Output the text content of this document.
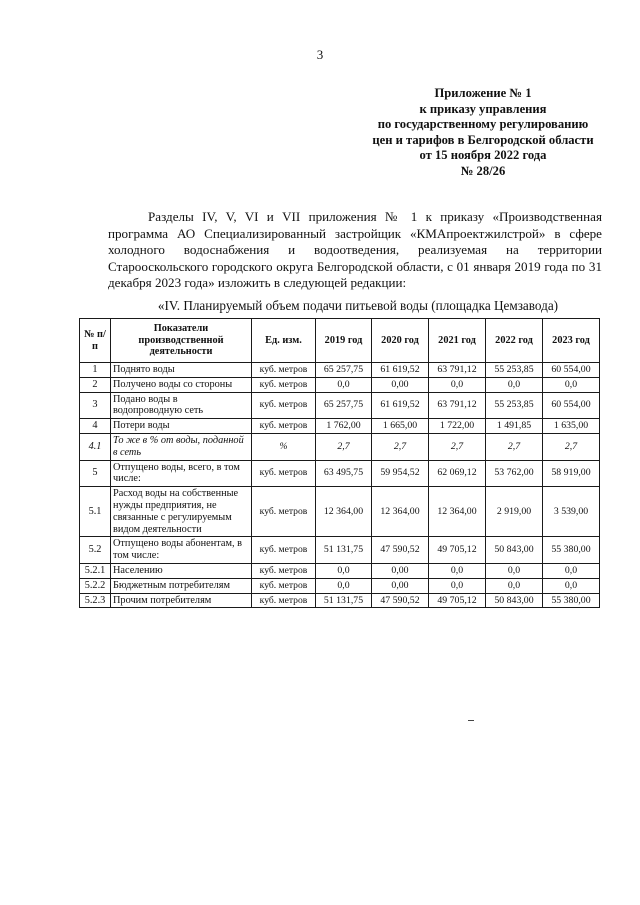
3
Приложение № 1
к приказу управления
по государственному регулированию
цен и тарифов в Белгородской области
от 15 ноября 2022 года
№ 28/26

Разделы IV, V, VI и VII приложения № 1 к приказу «Производственная программа АО Специализированный застройщик «КМАпроектжилстрой» в сфере холодного водоснабжения и водоотведения, реализуемая на территории Старооскольского городского округа Белгородской области, с 01 января 2019 года по 31 декабря 2023 года» изложить в следующей редакции:

«IV. Планируемый объем подачи питьевой воды (площадка Цемзавода)
№ п/п	Показатели производственной деятельности	Ед. изм.	2019 год	2020 год	2021 год	2022 год	2023 год
1	Поднято воды	куб. метров	65 257,75	61 619,52	63 791,12	55 253,85	60 554,00
2	Получено воды со стороны	куб. метров	0,0	0,00	0,0	0,0	0,0
3	Подано воды в водопроводную сеть	куб. метров	65 257,75	61 619,52	63 791,12	55 253,85	60 554,00
4	Потери воды	куб. метров	1 762,00	1 665,00	1 722,00	1 491,85	1 635,00
4.1	То же в % от воды, поданной в сеть	%	2,7	2,7	2,7	2,7	2,7
5	Отпущено воды, всего, в том числе:	куб. метров	63 495,75	59 954,52	62 069,12	53 762,00	58 919,00
5.1	Расход воды на собственные нужды предприятия, не связанные с регулируемым видом деятельности	куб. метров	12 364,00	12 364,00	12 364,00	2 919,00	3 539,00
5.2	Отпущено воды абонентам, в том числе:	куб. метров	51 131,75	47 590,52	49 705,12	50 843,00	55 380,00
5.2.1	Населению	куб. метров	0,0	0,00	0,0	0,0	0,0
5.2.2	Бюджетным потребителям	куб. метров	0,0	0,00	0,0	0,0	0,0
5.2.3	Прочим потребителям	куб. метров	51 131,75	47 590,52	49 705,12	50 843,00	55 380,00
